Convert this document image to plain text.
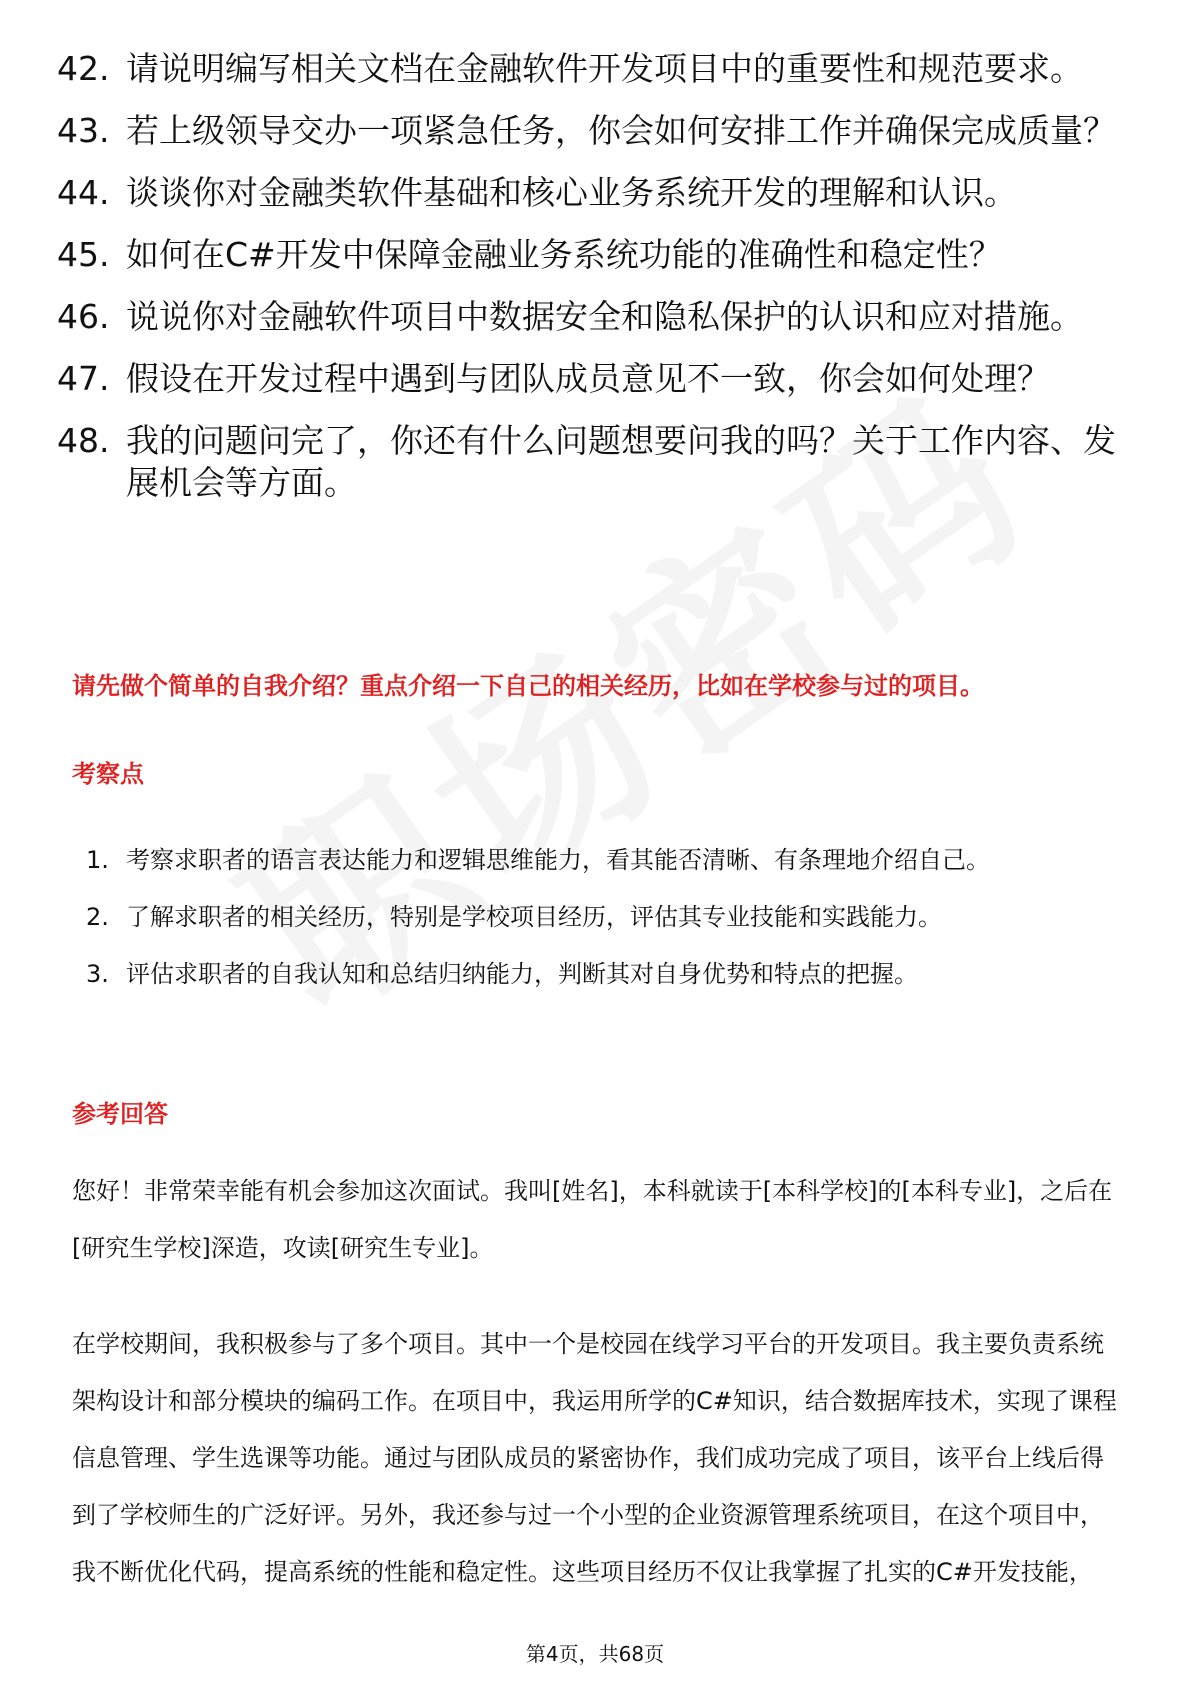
42. 请说明编写相关文档在金融软件开发项目中的重要性和规范要求。
43. 若上级领导交办一项紧急任务，你会如何安排工作并确保完成质量？
44. 谈谈你对金融类软件基础和核心业务系统开发的理解和认识。
45. 如何在C#开发中保障金融业务系统功能的准确性和稳定性？
46. 说说你对金融软件项目中数据安全和隐私保护的认识和应对措施。
47. 假设在开发过程中遇到与团队成员意见不一致，你会如何处理？
48. 我的问题问完了，你还有什么问题想要问我的吗？关于工作内容、发展机会等方面。
请先做个简单的自我介绍？重点介绍一下自己的相关经历，比如在学校参与过的项目。
考察点
1. 考察求职者的语言表达能力和逻辑思维能力，看其能否清晰、有条理地介绍自己。
2. 了解求职者的相关经历，特别是学校项目经历，评估其专业技能和实践能力。
3. 评估求职者的自我认知和总结归纳能力，判断其对自身优势和特点的把握。
参考回答

您好！非常荣幸能有机会参加这次面试。我叫[姓名]，本科就读于[本科学校]的[本科专业]，之后在[研究生学校]深造，攻读[研究生专业]。

在学校期间，我积极参与了多个项目。其中一个是校园在线学习平台的开发项目。我主要负责系统架构设计和部分模块的编码工作。在项目中，我运用所学的C#知识，结合数据库技术，实现了课程信息管理、学生选课等功能。通过与团队成员的紧密协作，我们成功完成了项目，该平台上线后得到了学校师生的广泛好评。另外，我还参与过一个小型的企业资源管理系统项目，在这个项目中，我不断优化代码，提高系统的性能和稳定性。这些项目经历不仅让我掌握了扎实的C#开发技能，

第4页，共68页
